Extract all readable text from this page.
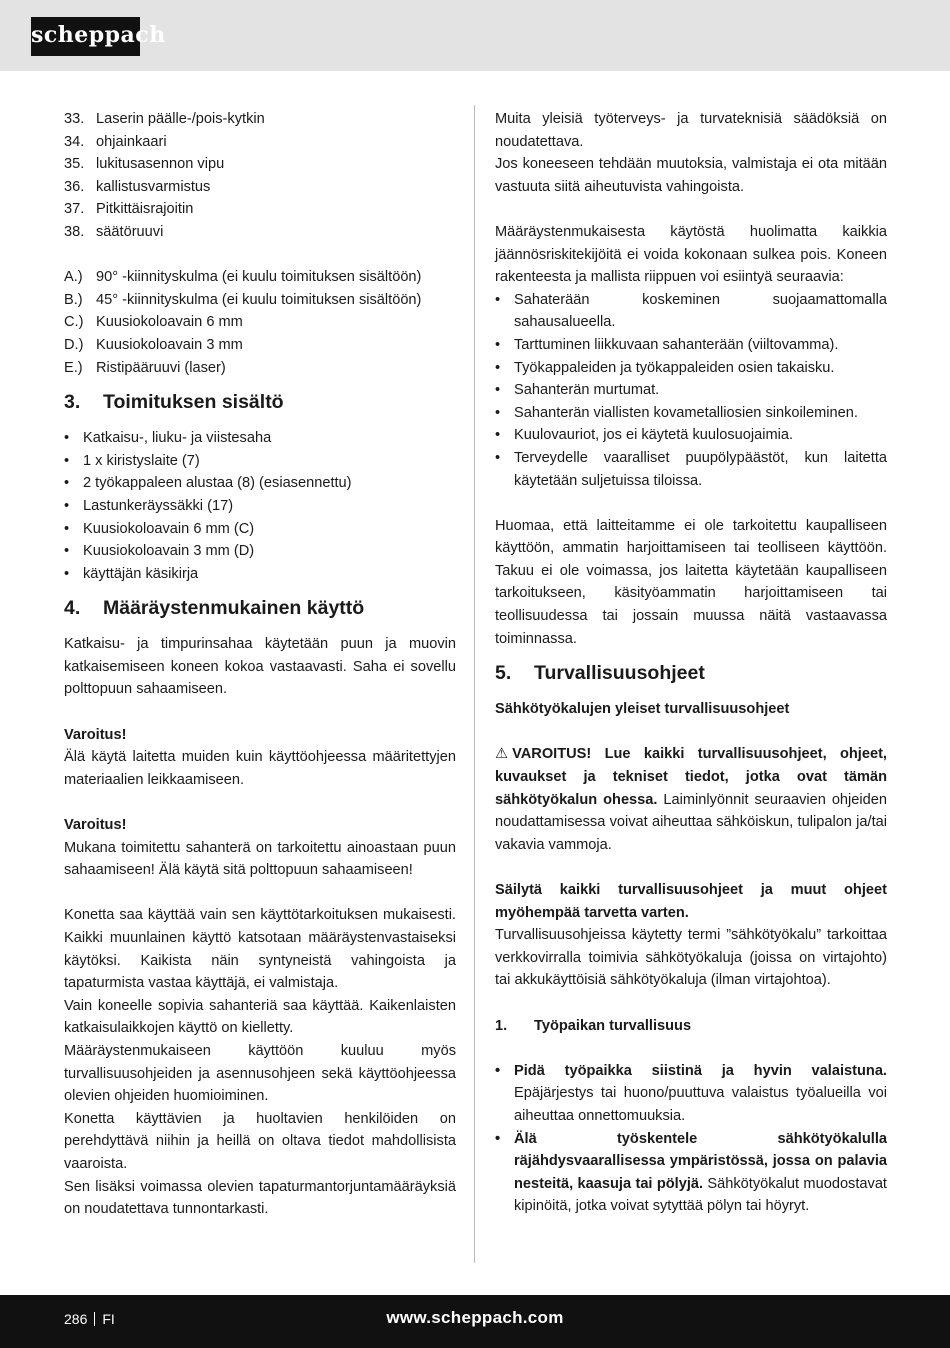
scheppach
33. Laserin päälle-/pois-kytkin
34. ohjainkaari
35. lukitusasennon vipu
36. kallistusvarmistus
37. Pitkittäisrajoitin
38. säätöruuvi
A.) 90° -kiinnityskulma (ei kuulu toimituksen sisältöön)
B.) 45° -kiinnityskulma (ei kuulu toimituksen sisältöön)
C.) Kuusiokoloavain 6 mm
D.) Kuusiokoloavain 3 mm
E.) Ristipääruuvi (laser)
3.	Toimituksen sisältö
• Katkaisu-, liuku- ja viistesaha
• 1 x kiristyslaite (7)
• 2 työkappaleen alustaa (8) (esiasennettu)
• Lastunkeräyssäkki (17)
• Kuusiokoloavain 6 mm (C)
• Kuusiokoloavain 3 mm (D)
• käyttäjän käsikirja
4.	Määräystenmukainen käyttö
Katkaisu- ja timpurinsahaa käytetään puun ja muovin katkaisemiseen koneen kokoa vastaavasti. Saha ei sovellu polttopuun sahaamiseen.
Varoitus!
Älä käytä laitetta muiden kuin käyttöohjeessa määritettyjen materiaalien leikkaamiseen.
Varoitus!
Mukana toimitettu sahanterä on tarkoitettu ainoastaan puun sahaamiseen! Älä käytä sitä polttopuun sahaamiseen!
Konetta saa käyttää vain sen käyttötarkoituksen mukaisesti. Kaikki muunlainen käyttö katsotaan määräystenvastaiseksi käytöksi. Kaikista näin syntyneistä vahingoista ja tapaturmista vastaa käyttäjä, ei valmistaja.
Vain koneelle sopivia sahanteriä saa käyttää. Kaikenlaisten katkaisulaikkojen käyttö on kielletty.
Määräystenmukaiseen käyttöön kuuluu myös turvallisuusohjeiden ja asennusohjeen sekä käyttöohjeessa olevien ohjeiden huomioiminen.
Konetta käyttävien ja huoltavien henkilöiden on perehdyttävä niihin ja heillä on oltava tiedot mahdollisista vaaroista.
Sen lisäksi voimassa olevien tapaturmantorjuntamääräyksiä on noudatettava tunnontarkasti.
Muita yleisiä työterveys- ja turvateknisiä säädöksiä on noudatettava.
Jos koneeseen tehdään muutoksia, valmistaja ei ota mitään vastuuta siitä aiheutuvista vahingoista.
Määräystenmukaisesta käytöstä huolimatta kaikkia jäännösriskitekijöitä ei voida kokonaan sulkea pois. Koneen rakenteesta ja mallista riippuen voi esiintyä seuraavia:
• Sahaterään koskeminen suojaamattomalla sahausalueella.
• Tarttuminen liikkuvaan sahanterään (viiltovamma).
• Työkappaleiden ja työkappaleiden osien takaisku.
• Sahanterän murtumat.
• Sahanterän viallisten kovametalliosien sinkoileminen.
• Kuulovauriot, jos ei käytetä kuulosuojaimia.
• Terveydelle vaaralliset puupölypäästöt, kun laitetta käytetään suljetuissa tiloissa.
Huomaa, että laitteitamme ei ole tarkoitettu kaupalliseen käyttöön, ammatin harjoittamiseen tai teolliseen käyttöön. Takuu ei ole voimassa, jos laitetta käytetään kaupalliseen tarkoitukseen, käsityöammatin harjoittamiseen tai teollisuudessa tai jossain muussa näitä vastaavassa toiminnassa.
5.	Turvallisuusohjeet
Sähkötyökalujen yleiset turvallisuusohjeet
⚠ VAROITUS! Lue kaikki turvallisuusohjeet, ohjeet, kuvaukset ja tekniset tiedot, jotka ovat tämän sähkötyökalun ohessa. Laiminlyönnit seuraavien ohjeiden noudattamisessa voivat aiheuttaa sähköiskun, tulipalon ja/tai vakavia vammoja.
Säilytä kaikki turvallisuusohjeet ja muut ohjeet myöhempää tarvetta varten.
Turvallisuusohjeissa käytetty termi ”sähkötyökalu” tarkoittaa verkkovirralla toimivia sähkötyökaluja (joissa on virtajohto) tai akkukäyttöisiä sähkötyökaluja (ilman virtajohtoa).
1.	Työpaikan turvallisuus
• Pidä työpaikka siistinä ja hyvin valaistuna. Epäjärjestys tai huono/puuttuva valaistus työalueilla voi aiheuttaa onnettomuuksia.
• Älä työskentele sähkötyökalulla räjähdysvaarallisessa ympäristössä, jossa on palavia nesteitä, kaasuja tai pölyjä. Sähkötyökalut muodostavat kipinöitä, jotka voivat sytyttää pölyn tai höyryt.
286 FI	www.scheppach.com
